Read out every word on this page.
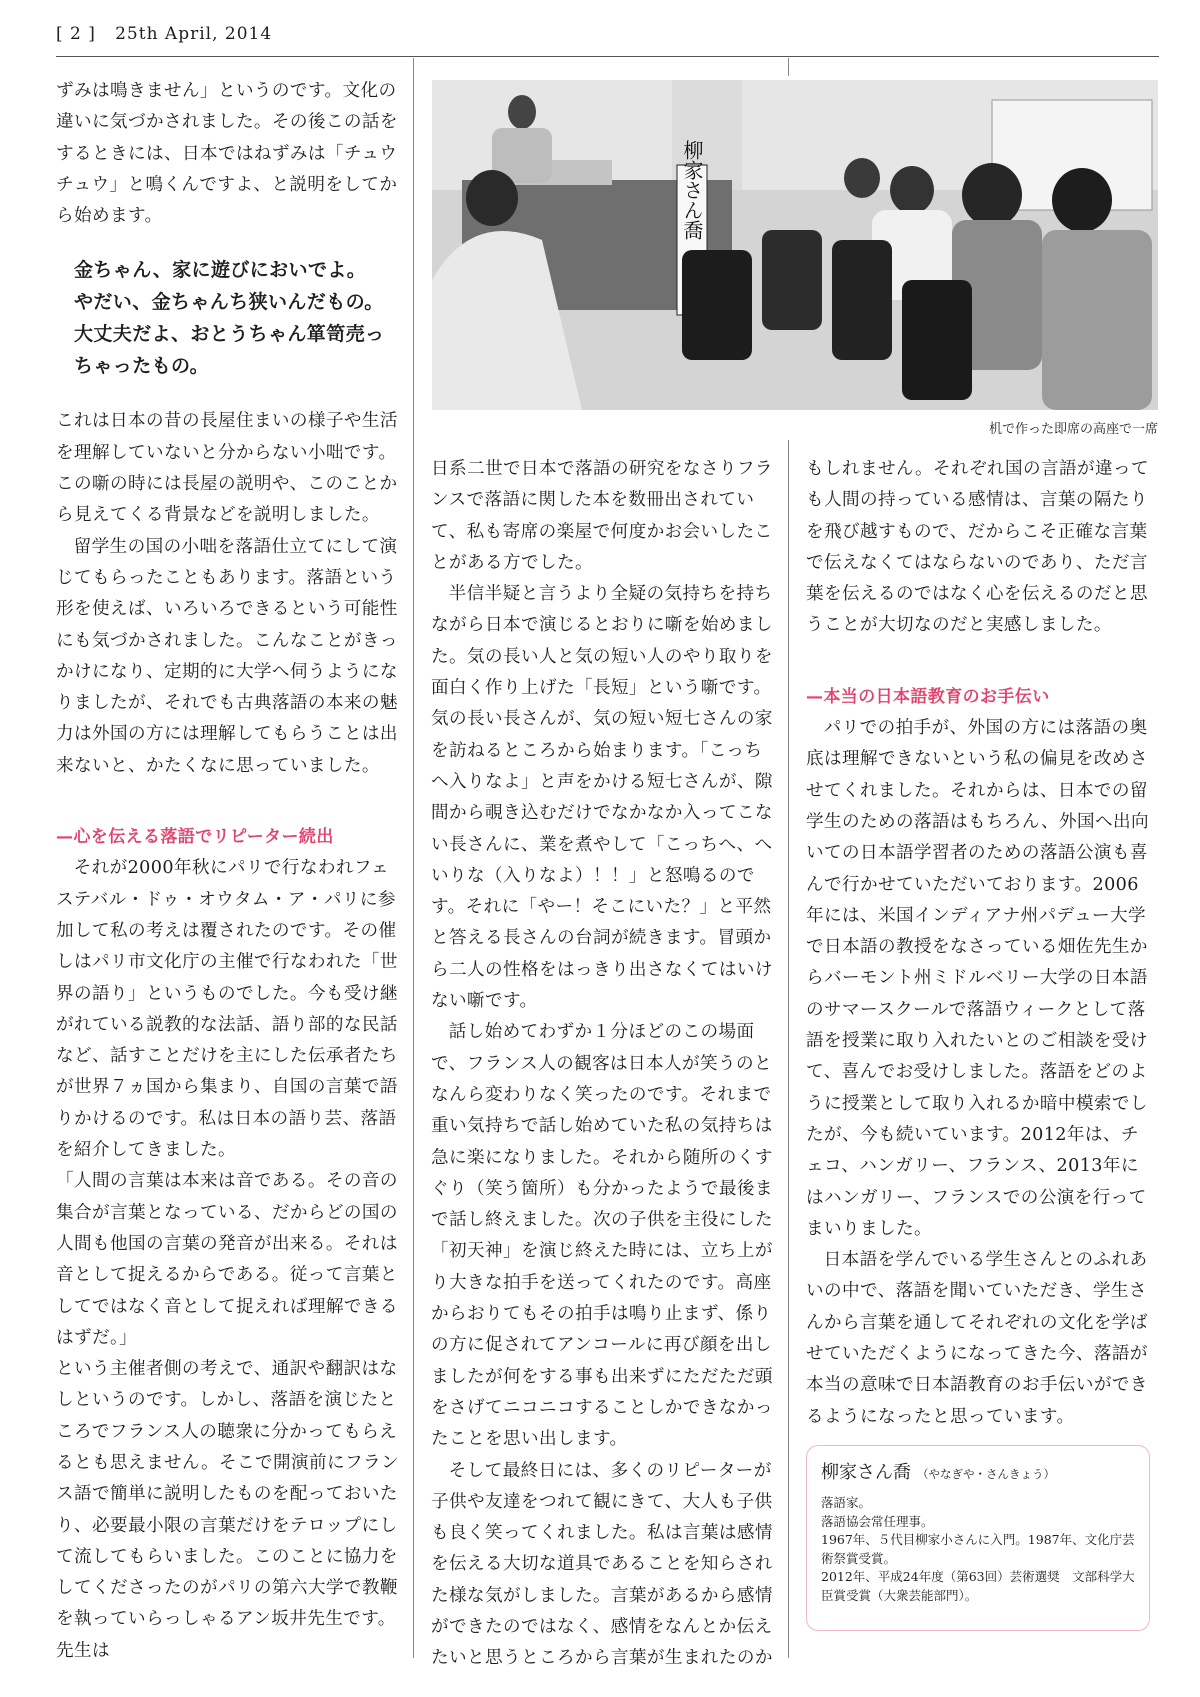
[ 2 ] 25th April, 2014

ずみは鳴きません」というのです。文化の違いに気づかされました。その後この話をするときには、日本ではねずみは「チュウチュウ」と鳴くんですよ、と説明をしてから始めます。

金ちゃん、家に遊びにおいでよ。
やだい、金ちゃんち狭いんだもの。
大丈夫だよ、おとうちゃん箪笥売っちゃったもの。

これは日本の昔の長屋住まいの様子や生活を理解していないと分からない小咄です。この噺の時には長屋の説明や、このことから見えてくる背景などを説明しました。

留学生の国の小咄を落語仕立てにして演じてもらったこともあります。落語という形を使えば、いろいろできるという可能性にも気づかされました。こんなことがきっかけになり、定期的に大学へ伺うようになりましたが、それでも古典落語の本来の魅力は外国の方には理解してもらうことは出来ないと、かたくなに思っていました。

—心を伝える落語でリピーター続出

それが2000年秋にパリで行なわれフェステバル・ドゥ・オウタム・ア・パリに参加して私の考えは覆されたのです。その催しはパリ市文化庁の主催で行なわれた「世界の語り」というものでした。今も受け継がれている説教的な法話、語り部的な民話など、話すことだけを主にした伝承者たちが世界７ヵ国から集まり、自国の言葉で語りかけるのです。私は日本の語り芸、落語を紹介してきました。

「人間の言葉は本来は音である。その音の集合が言葉となっている、だからどの国の人間も他国の言葉の発音が出来る。それは音として捉えるからである。従って言葉としてではなく音として捉えれば理解できるはずだ。」

という主催者側の考えで、通訳や翻訳はなしというのです。しかし、落語を演じたところでフランス人の聴衆に分かってもらえるとも思えません。そこで開演前にフランス語で簡単に説明したものを配っておいたり、必要最小限の言葉だけをテロップにして流してもらいました。このことに協力をしてくださったのがパリの第六大学で教鞭を執っていらっしゃるアン坂井先生です。先生は

柳家さん喬
机で作った即席の高座で一席

日系二世で日本で落語の研究をなさりフランスで落語に関した本を数冊出されていて、私も寄席の楽屋で何度かお会いしたことがある方でした。

半信半疑と言うより全疑の気持ちを持ちながら日本で演じるとおりに噺を始めました。気の長い人と気の短い人のやり取りを面白く作り上げた「長短」という噺です。気の長い長さんが、気の短い短七さんの家を訪ねるところから始まります。「こっちへ入りなよ」と声をかける短七さんが、隙間から覗き込むだけでなかなか入ってこない長さんに、業を煮やして「こっちへ、へいりな（入りなよ）！！」と怒鳴るのです。それに「やー！そこにいた？」と平然と答える長さんの台詞が続きます。冒頭から二人の性格をはっきり出さなくてはいけない噺です。

話し始めてわずか１分ほどのこの場面で、フランス人の観客は日本人が笑うのとなんら変わりなく笑ったのです。それまで重い気持ちで話し始めていた私の気持ちは急に楽になりました。それから随所のくすぐり（笑う箇所）も分かったようで最後まで話し終えました。次の子供を主役にした「初天神」を演じ終えた時には、立ち上がり大きな拍手を送ってくれたのです。高座からおりてもその拍手は鳴り止まず、係りの方に促されてアンコールに再び顔を出しましたが何をする事も出来ずにただただ頭をさげてニコニコすることしかできなかったことを思い出します。

そして最終日には、多くのリピーターが子供や友達をつれて観にきて、大人も子供も良く笑ってくれました。私は言葉は感情を伝える大切な道具であることを知らされた様な気がしました。言葉があるから感情ができたのではなく、感情をなんとか伝えたいと思うところから言葉が生まれたのか

もしれません。それぞれ国の言語が違っても人間の持っている感情は、言葉の隔たりを飛び越すもので、だからこそ正確な言葉で伝えなくてはならないのであり、ただ言葉を伝えるのではなく心を伝えるのだと思うことが大切なのだと実感しました。

—本当の日本語教育のお手伝い

パリでの拍手が、外国の方には落語の奥底は理解できないという私の偏見を改めさせてくれました。それからは、日本での留学生のための落語はもちろん、外国へ出向いての日本語学習者のための落語公演も喜んで行かせていただいております。2006年には、米国インディアナ州パデュー大学で日本語の教授をなさっている畑佐先生からバーモント州ミドルベリー大学の日本語のサマースクールで落語ウィークとして落語を授業に取り入れたいとのご相談を受けて、喜んでお受けしました。落語をどのように授業として取り入れるか暗中模索でしたが、今も続いています。2012年は、チェコ、ハンガリー、フランス、2013年にはハンガリー、フランスでの公演を行ってまいりました。

日本語を学んでいる学生さんとのふれあいの中で、落語を聞いていただき、学生さんから言葉を通してそれぞれの文化を学ばせていただくようになってきた今、落語が本当の意味で日本語教育のお手伝いができるようになったと思っています。

柳家さん喬 （やなぎや・さんきょう）
落語家。
落語協会常任理事。
1967年、５代目柳家小さんに入門。1987年、文化庁芸術祭賞受賞。
2012年、平成24年度（第63回）芸術選奨　文部科学大臣賞受賞（大衆芸能部門）。
